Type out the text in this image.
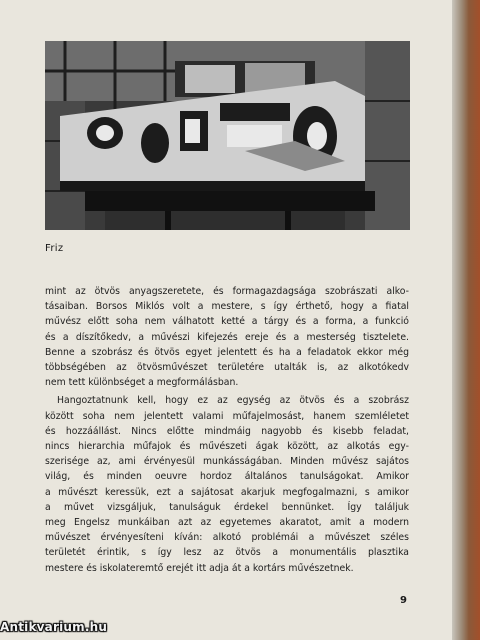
Friz

mint az ötvös anyagszeretete, és formagazdagsága szobrászati alko-
tásaiban. Borsos Miklós volt a mestere, s így érthető, hogy a fiatal
művész előtt soha nem válhatott ketté a tárgy és a forma, a funkció
és a díszítőkedv, a művészi kifejezés ereje és a mesterség tisztelete.
Benne a szobrász és ötvös egyet jelentett és ha a feladatok ekkor még
többségében az ötvösművészet területére utalták is, az alkotókedv
nem tett különbséget a megformálásban.

Hangoztatnunk kell, hogy ez az egység az ötvös és a szobrász
között soha nem jelentett valami műfajelmosást, hanem szemléletet
és hozzáállást. Nincs előtte mindmáig nagyobb és kisebb feladat,
nincs hierarchia műfajok és művészeti ágak között, az alkotás egy-
szerisége az, ami érvényesül munkásságában. Minden művész sajátos
világ, és minden oeuvre hordoz általános tanulságokat. Amikor
a művészt keressük, ezt a sajátosat akarjuk megfogalmazni, s amikor
a művet vizsgáljuk, tanulságuk érdekel bennünket. Így találjuk
meg Engelsz munkáiban azt az egyetemes akaratot, amit a modern
művészet érvényesíteni kíván: alkotó problémái a művészet széles
területét érintik, s így lesz az ötvös a monumentális plasztika
mestere és iskolateremtő erejét itt adja át a kortárs művészetnek.

9
Antikvarium.hu
